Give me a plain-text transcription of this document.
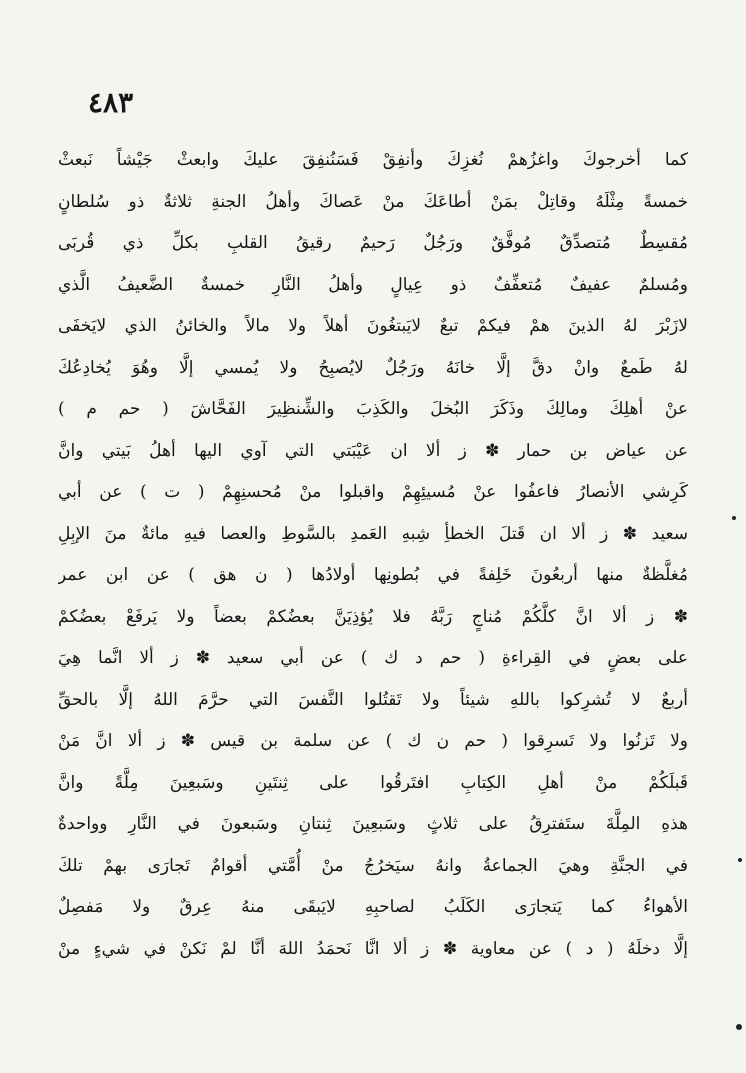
٤٨٣
كما أخرجوكَ واغزُهمْ نُغزِكَ وأنفِقْ فَسَنُنفِقَ عليكَ وابعثْ جَيْشاً نَبعثْ
خمسةً مِثْلَهُ وقاتِلْ بمَنْ أطاعَكَ منْ عَصاكَ وأهلُ الجنةِ ثلاثةٌ ذو سُلطانٍ
مُقسِطٌ مُتصدِّقٌ مُوفَّقٌ ورَجُلٌ رَحيمٌ رقيقُ القلبِ بكلِّ ذي قُربَى
ومُسلمٌ عفيفٌ مُتعفِّفٌ ذو عِيالٍ وأهلُ النَّارِ خمسةٌ الضَّعيفُ الَّذي
لازَبْرَ لهُ الذينَ همْ فيكمْ تبعٌ لايَبتغُونَ أهلاً ولا مالاً والخائنُ الذي لايَخفَى
لهُ طَمعٌ وانْ دقَّ إلَّا خانَهُ ورَجُلٌ لايُصبِحُ ولا يُمسي إلَّا وهُوَ يُخادِعُكَ
عنْ أهلِكَ ومالِكَ وذَكَرَ البُخلَ والكَذِبَ والشِّنظِيرَ الفَحَّاشَ ( حم م )
عن عياض بن حمار ✽ ز ألا ان عَيْبَتي التي آوي اليها أهلُ بَيتي وانَّ
كَرِشي الأنصارُ فاعفُوا عنْ مُسيئِهِمْ واقبلوا منْ مُحسنِهِمْ ( ت ) عن أبي
سعيد ✽ ز ألا ان قَتلَ الخطأِ شِبهِ العَمدِ بالسَّوطِ والعصا فيهِ مائةٌ منَ الإبِلِ
مُغلَّظةٌ منها أربعُونَ خَلِفةً في بُطونِها أولادُها ( ن هق ) عن ابن عمر
✽ ز ألا انَّ كلَّكُمْ مُناجٍ رَبَّهُ فلا يُؤذِيَنَّ بعضُكمْ بعضاً ولا يَرفَعْ بعضُكمْ
على بعضٍ في القِراءةِ ( حم د ك ) عن أبي سعيد ✽ ز ألا انَّما هِيَ
أربعٌ لا تُشرِكوا باللهِ شيئاً ولا تَقتُلوا النَّفسَ التي حرَّمَ اللهُ إلَّا بالحقِّ
ولا تَزنُوا ولا تَسرِقوا ( حم ن ك ) عن سلمة بن قيس ✽ ز ألا انَّ مَنْ
قَبلَكُمْ منْ أهلِ الكِتابِ افتَرقُوا على ثِنتَينِ وسَبعِينَ مِلَّةً وانَّ
هذهِ المِلَّةَ ستَفترِقُ على ثلاثٍ وسَبعِينَ ثِنتانِ وسَبعونَ في النَّارِ وواحدةٌ
في الجنَّةِ وهيَ الجماعةُ وانهُ سيَخرُجُ منْ أُمَّتي أقوامٌ تَجارَى بهمْ تلكَ
الأهواءُ كما يَتجارَى الكَلَبُ لصاحبِهِ لايَبقَى منهُ عِرقٌ ولا مَفصِلٌ
إلَّا دخلَهُ ( د ) عن معاوية ✽ ز ألا انَّا نَحمَدُ اللهَ أنَّا لمْ نَكنْ في شيءٍ منْ
